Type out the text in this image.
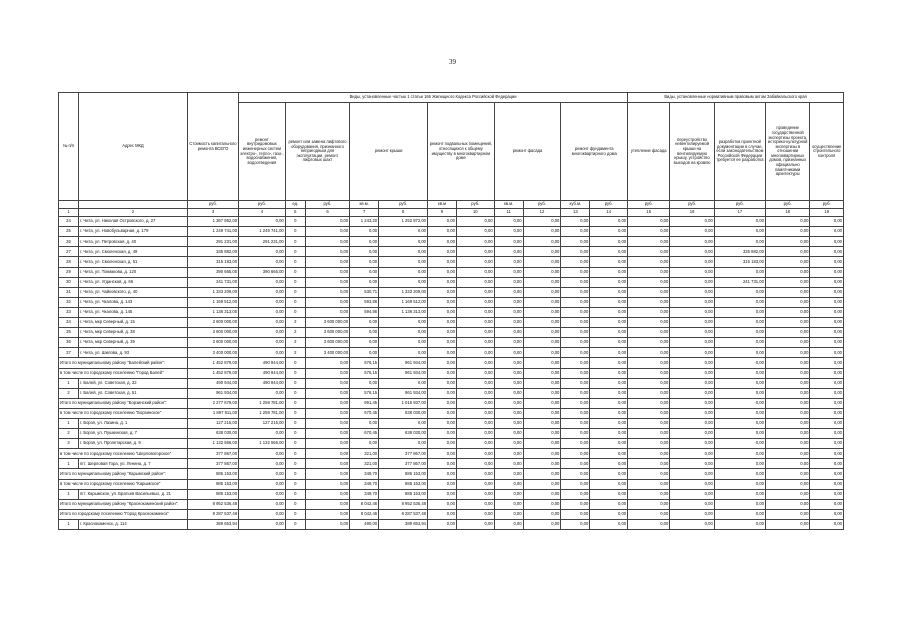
39
№ п/п	Адрес МКД	Стоимость капитального ремонта ВСЕГО	Виды, установленные частью 1 статьи 166 Жилищного Кодекса Российской Федерации											Виды, установленные нормативным правовым актом Забайкальского края				
			ремонт внутридомовых инженерных систем электро-, тепло-, газо-, водоснабжения, водоотведения	ремонт или замена лифтового оборудования, признанного непригодным для эксплуатации, ремонт лифтовых шахт		ремонт крыши		ремонт подвальных помещений, относящихся к общему имуществу в многоквартирном доме		ремонт фасада		ремонт фундамента многоквартирного дома		утепление фасада	переустройство невентилируемой крыши на вентилируемую крышу, устройство выходов на кровлю	разработка проектной документации в случае, если законодательством Российской Федерации требуется ее разработка	проведение государственной экспертизы проекта, историко-культурной экспертизы в отношении многоквартирных домов, признанных официально памятниками архитектуры	осуществление строительного контроля
		руб.	руб.	ед.	руб.	кв.м.	руб.	кв.м	руб.	кв.м.	руб.	куб.м.	руб.	руб.	руб.	руб.	руб.	руб.
1	2	3	4	5	6	7	8	9	10	11	12	13	14	15	16	17	18	19
24	г. Чита, ул. Николая Островского, д. 27	1 367 952,00	0,00	0	0,00	1 243,20	1 252 872,00	0,00	0,00	0,00	0,00	0,00	0,00	0,00	0,00	0,00	0,00	0,00
25	г. Чита, ул. Новобульварная, д. 179	1 249 741,00	1 249 741,00	0	0,00	0,00	0,00	0,00	0,00	0,00	0,00	0,00	0,00	0,00	0,00	0,00	0,00	0,00
26	г. Чита, ул. Петровская, д. 40	291 231,00	291 231,00	0	0,00	0,00	0,00	0,00	0,00	0,00	0,00	0,00	0,00	0,00	0,00	0,00	0,00	0,00
27	г. Чита, ул. Смоленская, д. 49	335 882,00	0,00	0	0,00	0,00	0,00	0,00	0,00	0,00	0,00	0,00	0,00	0,00	0,00	335 882,00	0,00	0,00
28	г. Чита, ул. Смоленская, д. 51	315 183,00	0,00	0	0,00	0,00	0,00	0,00	0,00	0,00	0,00	0,00	0,00	0,00	0,00	315 183,00	0,00	0,00
29	г. Чита, ул. Токмакова, д. 120	390 665,00	390 665,00	0	0,00	0,00	0,00	0,00	0,00	0,00	0,00	0,00	0,00	0,00	0,00	0,00	0,00	0,00
30	г. Чита, ул. Угданская, д. 66	241 731,00	0,00	0	0,00	0,00	0,00	0,00	0,00	0,00	0,00	0,00	0,00	0,00	0,00	241 731,00	0,00	0,00
31	г. Чита, ул. Чайковского, д. 40	1 333 209,00	0,00	0	0,00	530,71	1 333 209,00	0,00	0,00	0,00	0,00	0,00	0,00	0,00	0,00	0,00	0,00	0,00
32	г. Чита, ул. Чкалова, д. 143	1 169 512,00	0,00	0	0,00	593,86	1 169 512,00	0,00	0,00	0,00	0,00	0,00	0,00	0,00	0,00	0,00	0,00	0,00
33	г. Чита, ул. Чкалова, д. 145	1 136 313,00	0,00	0	0,00	594,86	1 136 313,00	0,00	0,00	0,00	0,00	0,00	0,00	0,00	0,00	0,00	0,00	0,00
34	г. Чита, мкр Северный, д. 15	3 600 000,00	0,00	2	3 600 000,00	0,00	0,00	0,00	0,00	0,00	0,00	0,00	0,00	0,00	0,00	0,00	0,00	0,00
35	г. Чита, мкр Северный, д. 38	3 600 000,00	0,00	2	3 600 000,00	0,00	0,00	0,00	0,00	0,00	0,00	0,00	0,00	0,00	0,00	0,00	0,00	0,00
36	г. Чита, мкр Северный, д. 39	3 600 000,00	0,00	2	3 600 000,00	0,00	0,00	0,00	0,00	0,00	0,00	0,00	0,00	0,00	0,00	0,00	0,00	0,00
37	г. Чита, ул. Шилова, д. 93	3 400 000,00	0,00	2	3 400 000,00	0,00	0,00	0,00	0,00	0,00	0,00	0,00	0,00	0,00	0,00	0,00	0,00	0,00
Итого по муниципальному району "Балейский район":		1 452 879,00	490 944,00	0	0,00	576,15	961 934,00	0,00	0,00	0,00	0,00	0,00	0,00	0,00	0,00	0,00	0,00	0,00
в том числе по городскому поселению "Город Балей"		1 452 879,00	490 944,00	0	0,00	576,15	961 934,00	0,00	0,00	0,00	0,00	0,00	0,00	0,00	0,00	0,00	0,00	0,00
1	г. Балей, ул. Советская, д. 32	490 944,00	490 944,00	0	0,00	0,00	0,00	0,00	0,00	0,00	0,00	0,00	0,00	0,00	0,00	0,00	0,00	0,00
2	г. Балей, ул. Советская, д. 51	961 934,00	0,00	0	0,00	576,15	961 934,00	0,00	0,00	0,00	0,00	0,00	0,00	0,00	0,00	0,00	0,00	0,00
Итого по муниципальному району "Борзинский район":		2 277 679,00	1 259 781,00	0	0,00	991,45	1 015 937,00	0,00	0,00	0,00	0,00	0,00	0,00	0,00	0,00	0,00	0,00	0,00
в том числе по городскому поселению "Борзинское"		1 897 811,00	1 259 781,00	0	0,00	670,45	638 030,00	0,00	0,00	0,00	0,00	0,00	0,00	0,00	0,00	0,00	0,00	0,00
1	г. Борзя, ул. Лазина, д. 1	127 215,00	127 215,00	0	0,00	0,00	0,00	0,00	0,00	0,00	0,00	0,00	0,00	0,00	0,00	0,00	0,00	0,00
2	г. Борзя, ул. Пушкинская, д. 7	638 030,00	0,00	0	0,00	670,45	638 030,00	0,00	0,00	0,00	0,00	0,00	0,00	0,00	0,00	0,00	0,00	0,00
3	г. Борзя, ул. Пролетарская, д. 9	1 132 566,00	1 132 566,00	0	0,00	0,00	0,00	0,00	0,00	0,00	0,00	0,00	0,00	0,00	0,00	0,00	0,00	0,00
в том числе по городскому поселению "Шерловогорское"		377 867,00	0,00	0	0,00	321,00	377 867,00	0,00	0,00	0,00	0,00	0,00	0,00	0,00	0,00	0,00	0,00	0,00
1	пгт. Шерловая Гора, ул. Ленина, д. 7	377 867,00	0,00	0	0,00	321,00	377 867,00	0,00	0,00	0,00	0,00	0,00	0,00	0,00	0,00	0,00	0,00	0,00
Итого по муниципальному району "Карымский район":		885 153,00	0,00	0	0,00	349,70	885 153,00	0,00	0,00	0,00	0,00	0,00	0,00	0,00	0,00	0,00	0,00	0,00
в том числе по городскому поселению "Карымское"		885 153,00	0,00	0	0,00	349,70	885 153,00	0,00	0,00	0,00	0,00	0,00	0,00	0,00	0,00	0,00	0,00	0,00
1	пгт. Карымское, ул. Братьев Васильевых, д. 21	885 153,00	0,00	0	0,00	349,70	885 153,00	0,00	0,00	0,00	0,00	0,00	0,00	0,00	0,00	0,00	0,00	0,00
Итого по муниципальному району "Краснокаменский район":		8 952 536,48	0,00	0	0,00	8 042,46	8 952 536,48	0,00	0,00	0,00	0,00	0,00	0,00	0,00	0,00	0,00	0,00	0,00
Итого по городскому поселению "Город Краснокаменск"		8 287 537,48	0,00	0	0,00	8 042,46	8 287 537,48	0,00	0,00	0,00	0,00	0,00	0,00	0,00	0,00	0,00	0,00	0,00
1	г. Краснокаменск, д. 114	389 653,94	0,00	0	0,00	490,00	389 653,94	0,00	0,00	0,00	0,00	0,00	0,00	0,00	0,00	0,00	0,00	0,00
